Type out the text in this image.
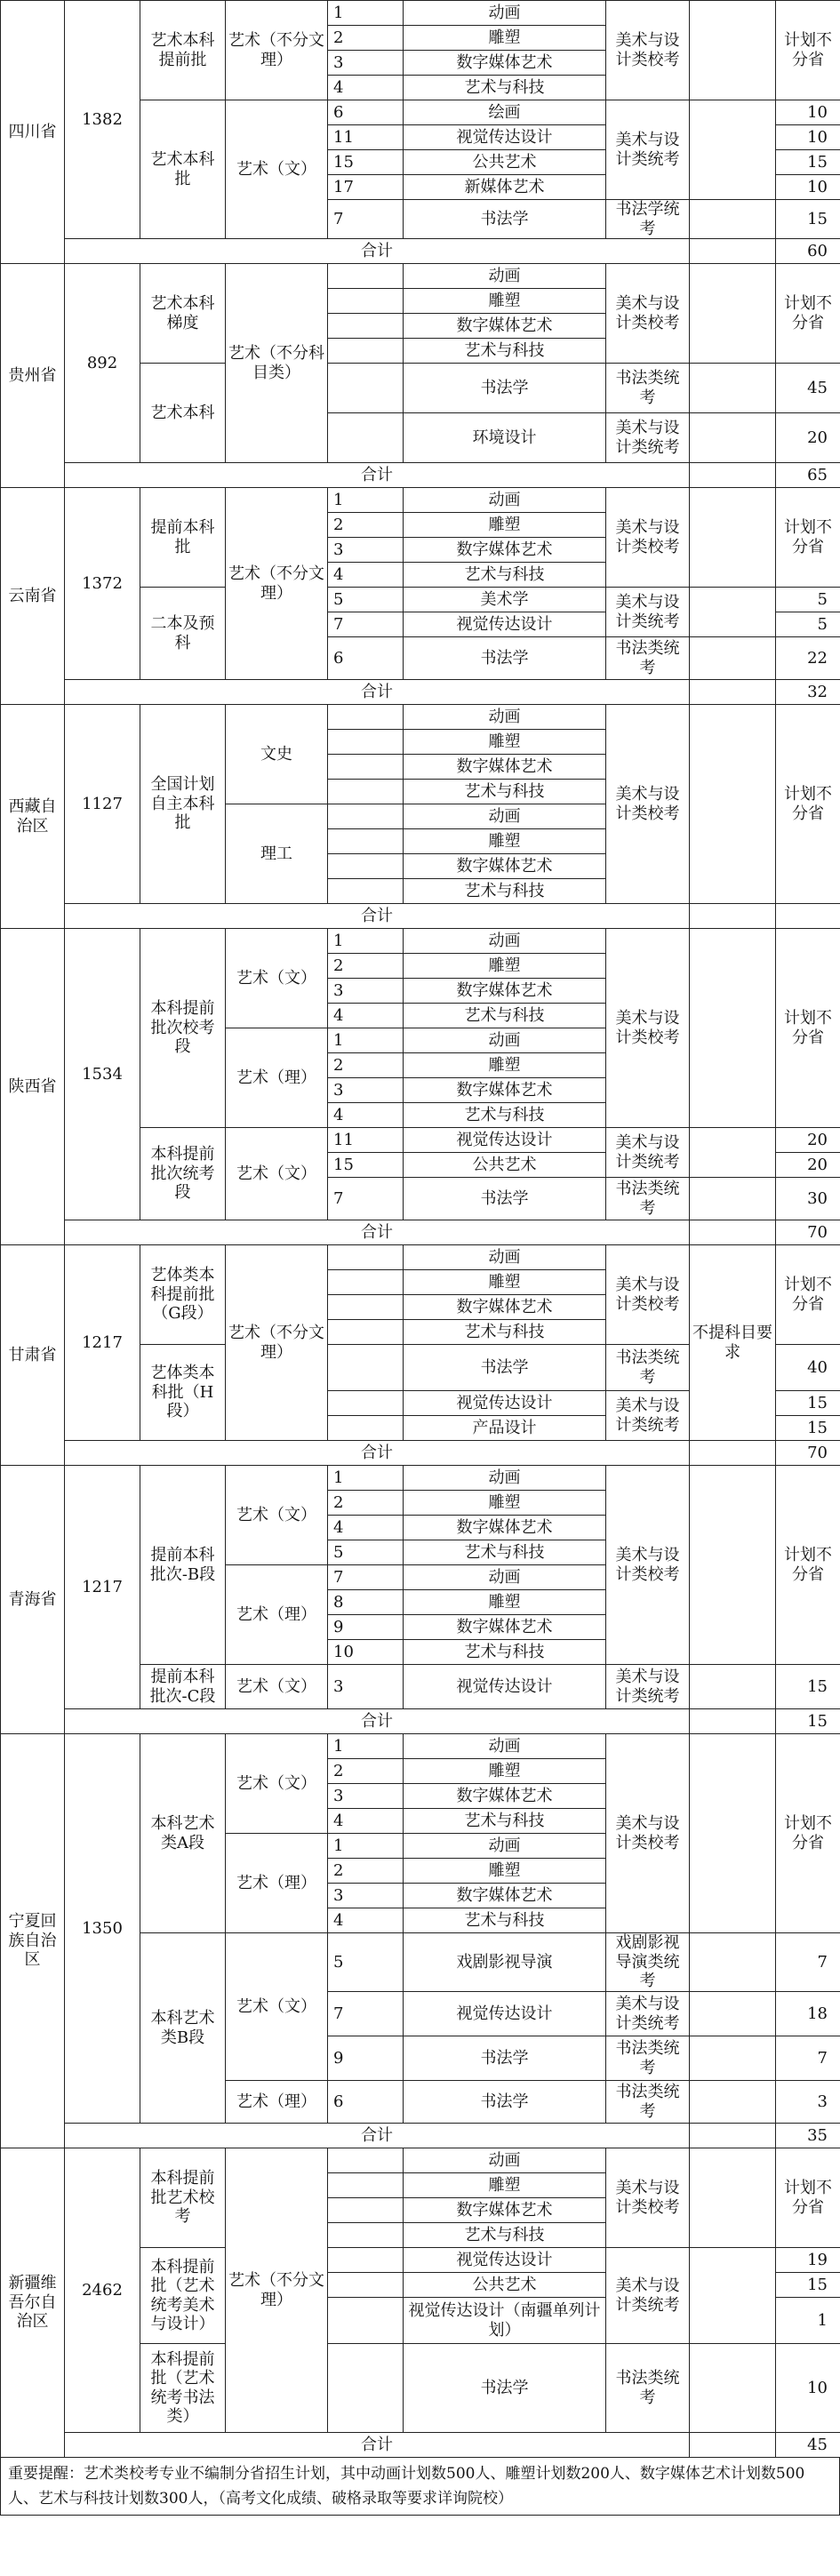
四川省	1382	艺术本科提前批	艺术（不分文理）	1	动画	美术与设计类校考		计划不分省
				2	雕塑			
				3	数字媒体艺术			
				4	艺术与科技			
		艺术本科批	艺术（文）	6	绘画	美术与设计类统考		10
				11	视觉传达设计			10
				15	公共艺术			15
				17	新媒体艺术			10
				7	书法学	书法学统考		15
	合计							60
贵州省	892	艺术本科梯度	艺术（不分科目类）		动画	美术与设计类校考		计划不分省
					雕塑			
					数字媒体艺术			
					艺术与科技			
		艺术本科			书法学	书法类统考		45
					环境设计	美术与设计类统考		20
	合计							65
云南省	1372	提前本科批	艺术（不分文理）	1	动画	美术与设计类校考		计划不分省
				2	雕塑			
				3	数字媒体艺术			
				4	艺术与科技			
		二本及预科		5	美术学	美术与设计类统考		5
				7	视觉传达设计			5
				6	书法学	书法类统考		22
	合计							32
西藏自治区	1127	全国计划自主本科批	文史		动画	美术与设计类校考		计划不分省
					雕塑			
					数字媒体艺术			
					艺术与科技			
			理工		动画			
					雕塑			
					数字媒体艺术			
					艺术与科技			
	合计							
陕西省	1534	本科提前批次校考段	艺术（文）	1	动画	美术与设计类校考		计划不分省
				2	雕塑			
				3	数字媒体艺术			
				4	艺术与科技			
			艺术（理）	1	动画			
				2	雕塑			
				3	数字媒体艺术			
				4	艺术与科技			
		本科提前批次统考段	艺术（文）	11	视觉传达设计	美术与设计类统考		20
				15	公共艺术			20
				7	书法学	书法类统考		30
	合计							70
甘肃省	1217	艺体类本科提前批（G段）	艺术（不分文理）		动画	美术与设计类校考	不提科目要求	计划不分省
					雕塑			
					数字媒体艺术			
					艺术与科技			
		艺体类本科批（H段）			书法学	书法类统考		40
					视觉传达设计	美术与设计类统考		15
					产品设计			15
	合计							70
青海省	1217	提前本科批次-B段	艺术（文）	1	动画	美术与设计类校考		计划不分省
				2	雕塑			
				4	数字媒体艺术			
				5	艺术与科技			
			艺术（理）	7	动画			
				8	雕塑			
				9	数字媒体艺术			
				10	艺术与科技			
		提前本科批次-C段	艺术（文）	3	视觉传达设计	美术与设计类统考		15
	合计							15
宁夏回族自治区	1350	本科艺术类A段	艺术（文）	1	动画	美术与设计类校考		计划不分省
				2	雕塑			
				3	数字媒体艺术			
				4	艺术与科技			
			艺术（理）	1	动画			
				2	雕塑			
				3	数字媒体艺术			
				4	艺术与科技			
		本科艺术类B段	艺术（文）	5	戏剧影视导演	戏剧影视导演类统考		7
				7	视觉传达设计	美术与设计类统考		18
				9	书法学	书法类统考		7
			艺术（理）	6	书法学	书法类统考		3
	合计							35
新疆维吾尔自治区	2462	本科提前批艺术校考	艺术（不分文理）		动画	美术与设计类校考		计划不分省
					雕塑			
					数字媒体艺术			
					艺术与科技			
		本科提前批（艺术统考美术与设计）			视觉传达设计	美术与设计类统考		19
					公共艺术			15
					视觉传达设计（南疆单列计划）			1
		本科提前批（艺术统考书法类）			书法学	书法类统考		10
	合计							45
重要提醒：艺术类校考专业不编制分省招生计划，其中动画计划数500人、雕塑计划数200人、数字媒体艺术计划数500人、艺术与科技计划数300人，（高考文化成绩、破格录取等要求详询院校）
